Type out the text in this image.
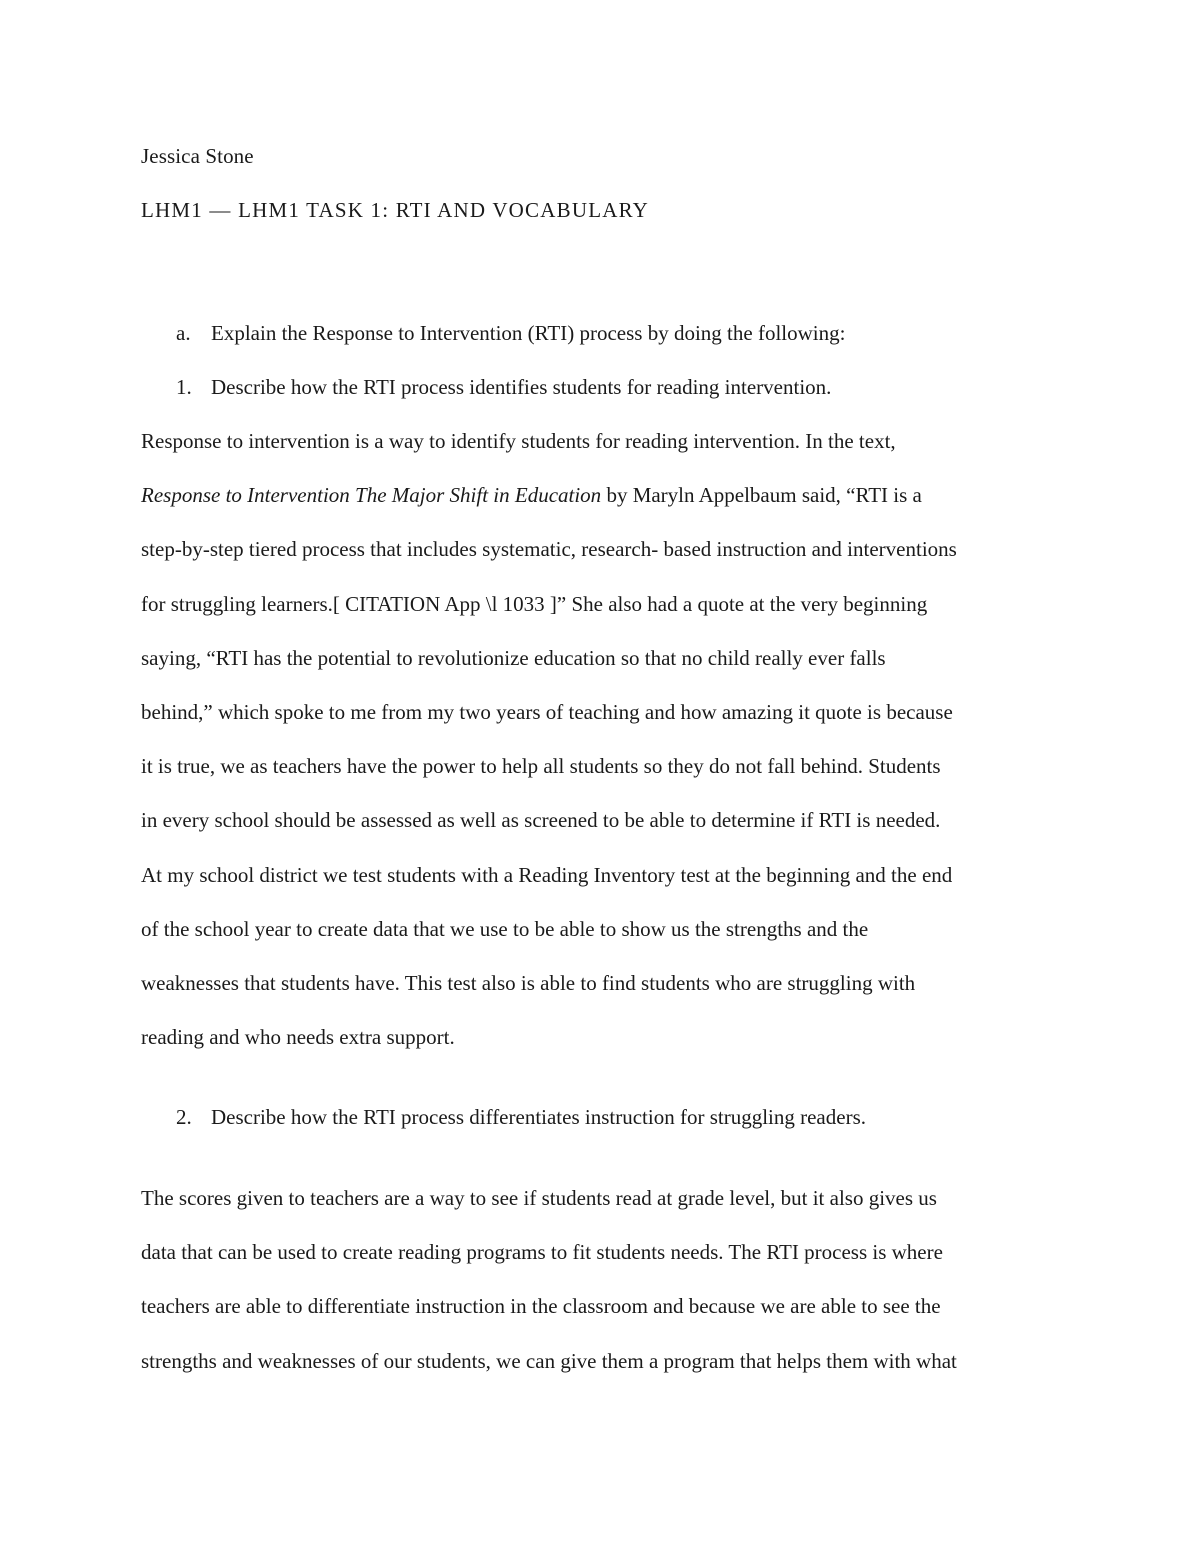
Jessica Stone
LHM1 — LHM1 TASK 1: RTI AND VOCABULARY
a. Explain the Response to Intervention (RTI) process by doing the following:
1. Describe how the RTI process identifies students for reading intervention.
Response to intervention is a way to identify students for reading intervention. In the text,
Response to Intervention The Major Shift in Education by Maryln Appelbaum said, “RTI is a
step-by-step tiered process that includes systematic, research- based instruction and interventions
for struggling learners.[ CITATION App \l 1033 ]” She also had a quote at the very beginning
saying, “RTI has the potential to revolutionize education so that no child really ever falls
behind,” which spoke to me from my two years of teaching and how amazing it quote is because
it is true, we as teachers have the power to help all students so they do not fall behind. Students
in every school should be assessed as well as screened to be able to determine if RTI is needed.
At my school district we test students with a Reading Inventory test at the beginning and the end
of the school year to create data that we use to be able to show us the strengths and the
weaknesses that students have. This test also is able to find students who are struggling with
reading and who needs extra support.
2. Describe how the RTI process differentiates instruction for struggling readers.
The scores given to teachers are a way to see if students read at grade level, but it also gives us
data that can be used to create reading programs to fit students needs. The RTI process is where
teachers are able to differentiate instruction in the classroom and because we are able to see the
strengths and weaknesses of our students, we can give them a program that helps them with what
